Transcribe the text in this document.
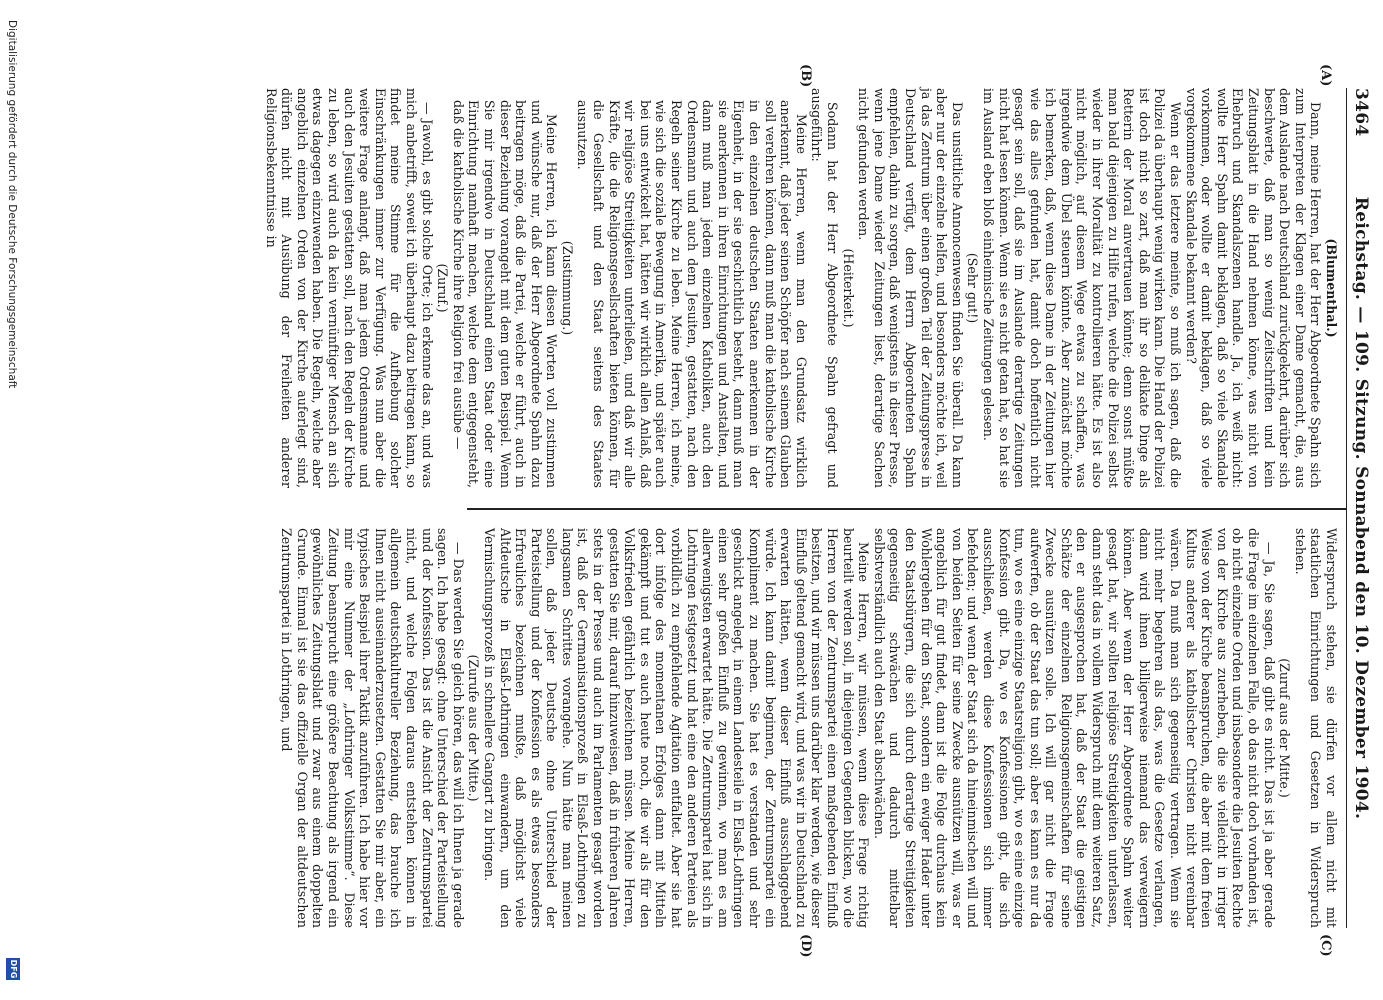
3464
Reichstag. — 109. Sitzung. Sonnabend den 10. Dezember 1904.
(A)
(B)
(C)
(D)

(Blumenthal.)

Dann, meine Herren, hat der Herr Abgeordnete Spahn sich zum Interpreten der Klagen einer Dame gemacht, die, aus dem Auslande nach Deutschland zurückgekehrt, darüber sich beschwerte, daß man so wenig Zeitschriften und kein Zeitungsblatt in die Hand nehmen könne, was nicht von Ehebruch und Skandalszenen handle. Ja, ich weiß nicht: wollte Herr Spahn damit beklagen, daß so viele Skandale vorkommen, oder wollte er damit beklagen, daß so viele vorgekommene Skandale bekannt werden?

Wenn er das letztere meinte, so muß ich sagen, daß die Polizei da überhaupt wenig wirken kann. Die Hand der Polizei ist doch nicht so zart, daß man ihr so delikate Dinge als Retterin der Moral anvertrauen könnte; denn sonst müßte man bald diejenigen zu Hilfe rufen, welche die Polizei selbst wieder in ihrer Moralität zu kontrollieren hätte. Es ist also nicht möglich, auf diesem Wege etwas zu schaffen, was irgendwie dem Übel steuern könnte. Aber zunächst möchte ich bemerken, daß, wenn diese Dame in der Zeitungen hier wie das alles gefunden hat, damit doch hoffentlich nicht gesagt sein soll, daß sie im Auslande derartige Zeitungen nicht hat lesen können. Wenn sie es nicht getan hat, so hat sie im Ausland eben bloß einheimische Zeitungen gelesen.

(Sehr gut!)

Das unsittliche Annoncenwesen finden Sie überall. Da kann aber nur der einzelne helfen, und besonders möchte ich, weil ja das Zentrum über einen großen Teil der Zeitungspresse in Deutschland verfügt, dem Herrn Abgeordneten Spahn empfehlen, dahin zu sorgen, daß wenigstens in dieser Presse, wenn jene Dame wieder Zeitungen liest, derartige Sachen nicht gefunden werden.

(Heiterkeit.)

Sodann hat der Herr Abgeordnete Spahn gefragt und ausgeführt:

Meine Herren, wenn man den Grundsatz wirklich anerkennt, daß jeder seinen Schöpfer nach seinem Glauben soll verehren können, dann muß man die katholische Kirche in den einzelnen deutschen Staaten anerkennen in der Eigenheit, in der sie geschichtlich besteht, dann muß man sie anerkennen in ihren Einrichtungen und Anstalten, und dann muß man jedem einzelnen Katholiken, auch den Ordensmann und auch dem Jesuiten, gestatten, nach den Regeln seiner Kirche zu leben. Meine Herren, ich meine, wie sich die soziale Bewegung in Amerika, und später auch bei uns entwickelt hat, hätten wir wirklich allen Anlaß, daß wir religiöse Streitigkeiten unterließen, und daß wir alle Kräfte, die die Religionsgesellschaften bieten können, für die Gesellschaft und den Staat seitens des Staates ausnutzen.

(Zustimmung.)

Meine Herren, ich kann diesen Worten voll zustimmen und wünsche nur, daß der Herr Abgeordnete Spahn dazu beitragen möge, daß die Partei, welche er führt, auch in dieser Beziehung vorangeht mit dem guten Beispiel. Wenn Sie mir irgendwo in Deutschland einen Staat oder eine Einrichtung namhaft machen, welche dem entgegensteht, daß die katholische Kirche ihre Religion frei ausübe —

(Zuruf.)

— Jawohl, es gibt solche Orte; ich erkenne das an, und was mich anbetrifft, soweit ich überhaupt dazu beitragen kann, so findet meine Stimme für die Aufhebung solcher Einschränkungen immer zur Verfügung. Was nun aber die weitere Frage anlangt, daß man jedem Ordensmanne und auch den Jesuiten gestatten soll, nach den Regeln der Kirche zu leben, so wird auch da kein vernünftiger Mensch an sich etwas dagegen einzuwenden haben. Die Regeln, welche aber angeblich einzelnen Orden von der Kirche auferlegt sind, dürfen nicht mit Ausübung der Freiheiten anderer Religionsbekenntnisse in

Widerspruch stehen, sie dürfen vor allem nicht mit staatlichen Einrichtungen und Gesetzen in Widerspruch stehen.

(Zuruf aus der Mitte.)

— Ja, Sie sagen, daß gibt es nicht. Das ist ja aber gerade die Frage im einzelnen Falle, ob das nicht doch vorhanden ist, ob nicht einzelne Orden und insbesondere die Jesuiten Rechte von der Kirche aus zuerheben, die sie vielleicht in irriger Weise von der Kirche beanspruchen, die aber mit dem freien Kultus anderer als katholischer Christen nicht vereinbar wären. Da muß man sich gegenseitig vertragen. Wenn sie nicht mehr begehren als das, was die Gesetze verlangen, dann wird ihnen billigerweise niemand das verweigern können. Aber wenn der Herr Abgeordnete Spahn weiter gesagt hat, wir sollten religiöse Streitigkeiten unterlassen, dann steht das in vollem Widerspruch mit dem weiteren Satz, den er ausgesprochen hat, daß der Staat die geistigen Schätze der einzelnen Religionsgemeinschaften für seine Zwecke ausnützen solle. Ich will gar nicht die Frage aufwerfen, ob der Staat das tun soll; aber es kann es nur da tun, wo es eine einzige Staatsreligion gibt, wo es eine einzige Konfession gibt. Da, wo es Konfessionen gibt, die sich ausschließen, werden diese Konfessionen sich immer befehden; und wenn der Staat sich da hineinmischen will und von beiden Seiten für seine Zwecke ausnützen will, was er angeblich für gut findet, dann ist die Folge durchaus kein Wohlergehen für den Staat, sondern ein ewiger Hader unter den Staatsbürgern, die sich durch derartige Streitigkeiten gegenseitig schwächen und dadurch mittelbar selbstverständlich auch den Staat abschwächen.

Meine Herren, wir müssen, wenn diese Frage richtig beurteilt werden soll, in diejenigen Gegenden blicken, wo die Herren von der Zentrumspartei einen maßgebenden Einfluß besitzen, und wir müssen uns darüber klar werden, wie dieser Einfluß geltend gemacht wird, und was wir in Deutschland zu erwarten hätten, wenn dieser Einfluß ausschlaggebend würde. Ich kann damit beginnen, der Zentrumspartei ein Kompliment zu machen. Sie hat es verstanden und sehr geschickt angelegt, in einem Landesteile in Elsaß-Lothringen einen sehr großen Einfluß zu gewinnen, wo man es am allerwenigsten erwartet hätte. Die Zentrumspartei hat sich in Lothringen festgesetzt und hat eine den anderen Parteien als vorbildlich zu empfehlende Agitation entfaltet. Aber sie hat dort infolge des momentanen Erfolges dann mit Mitteln gekämpft und tut es auch heute noch, die wir als für den Volksfrieden gefährlich bezeichnen müssen. Meine Herren, gestatten Sie mir, darauf hinzuweisen, daß in früheren Jahren stets in der Presse und auch im Parlamenten gesagt worden ist, daß der Germanisationsprozeß in Elsaß-Lothringen zu langsamen Schrittes vorangehe. Nun hätte man meinen sollen, daß jeder Deutsche ohne Unterschied der Parteistellung und der Konfession es als etwas besonders Erfreuliches bezeichnen mußte, daß möglichst viele Altdeutsche in Elsaß-Lothringen einwandern, um den Vermischungsprozeß in schnellere Gangart zu bringen.

(Zurufe aus der Mitte.)

— Das werden Sie gleich hören, das will ich Ihnen ja gerade sagen. Ich habe gesagt: ohne Unterschied der Parteistellung und der Konfession. Das ist die Ansicht der Zentrumspartei nicht, und welche Folgen daraus entstehen können in allgemein deutschkultureller Beziehung, das brauche ich Ihnen nicht auseinanderzusetzen. Gestatten Sie mir aber, ein typisches Beispiel ihrer Taktik anzuführen. Ich habe hier vor mir eine Nummer der „Lothringer Volksstimme“. Diese Zeitung beansprucht eine größere Beachtung als irgend ein gewöhnliches Zeitungsblatt und zwar aus einem doppelten Grunde. Einmal ist sie das offizielle Organ der altdeutschen Zentrumspartei in Lothringen, und

Digitalisierung gefördert durch die Deutsche Forschungsgemeinschaft
DFG
